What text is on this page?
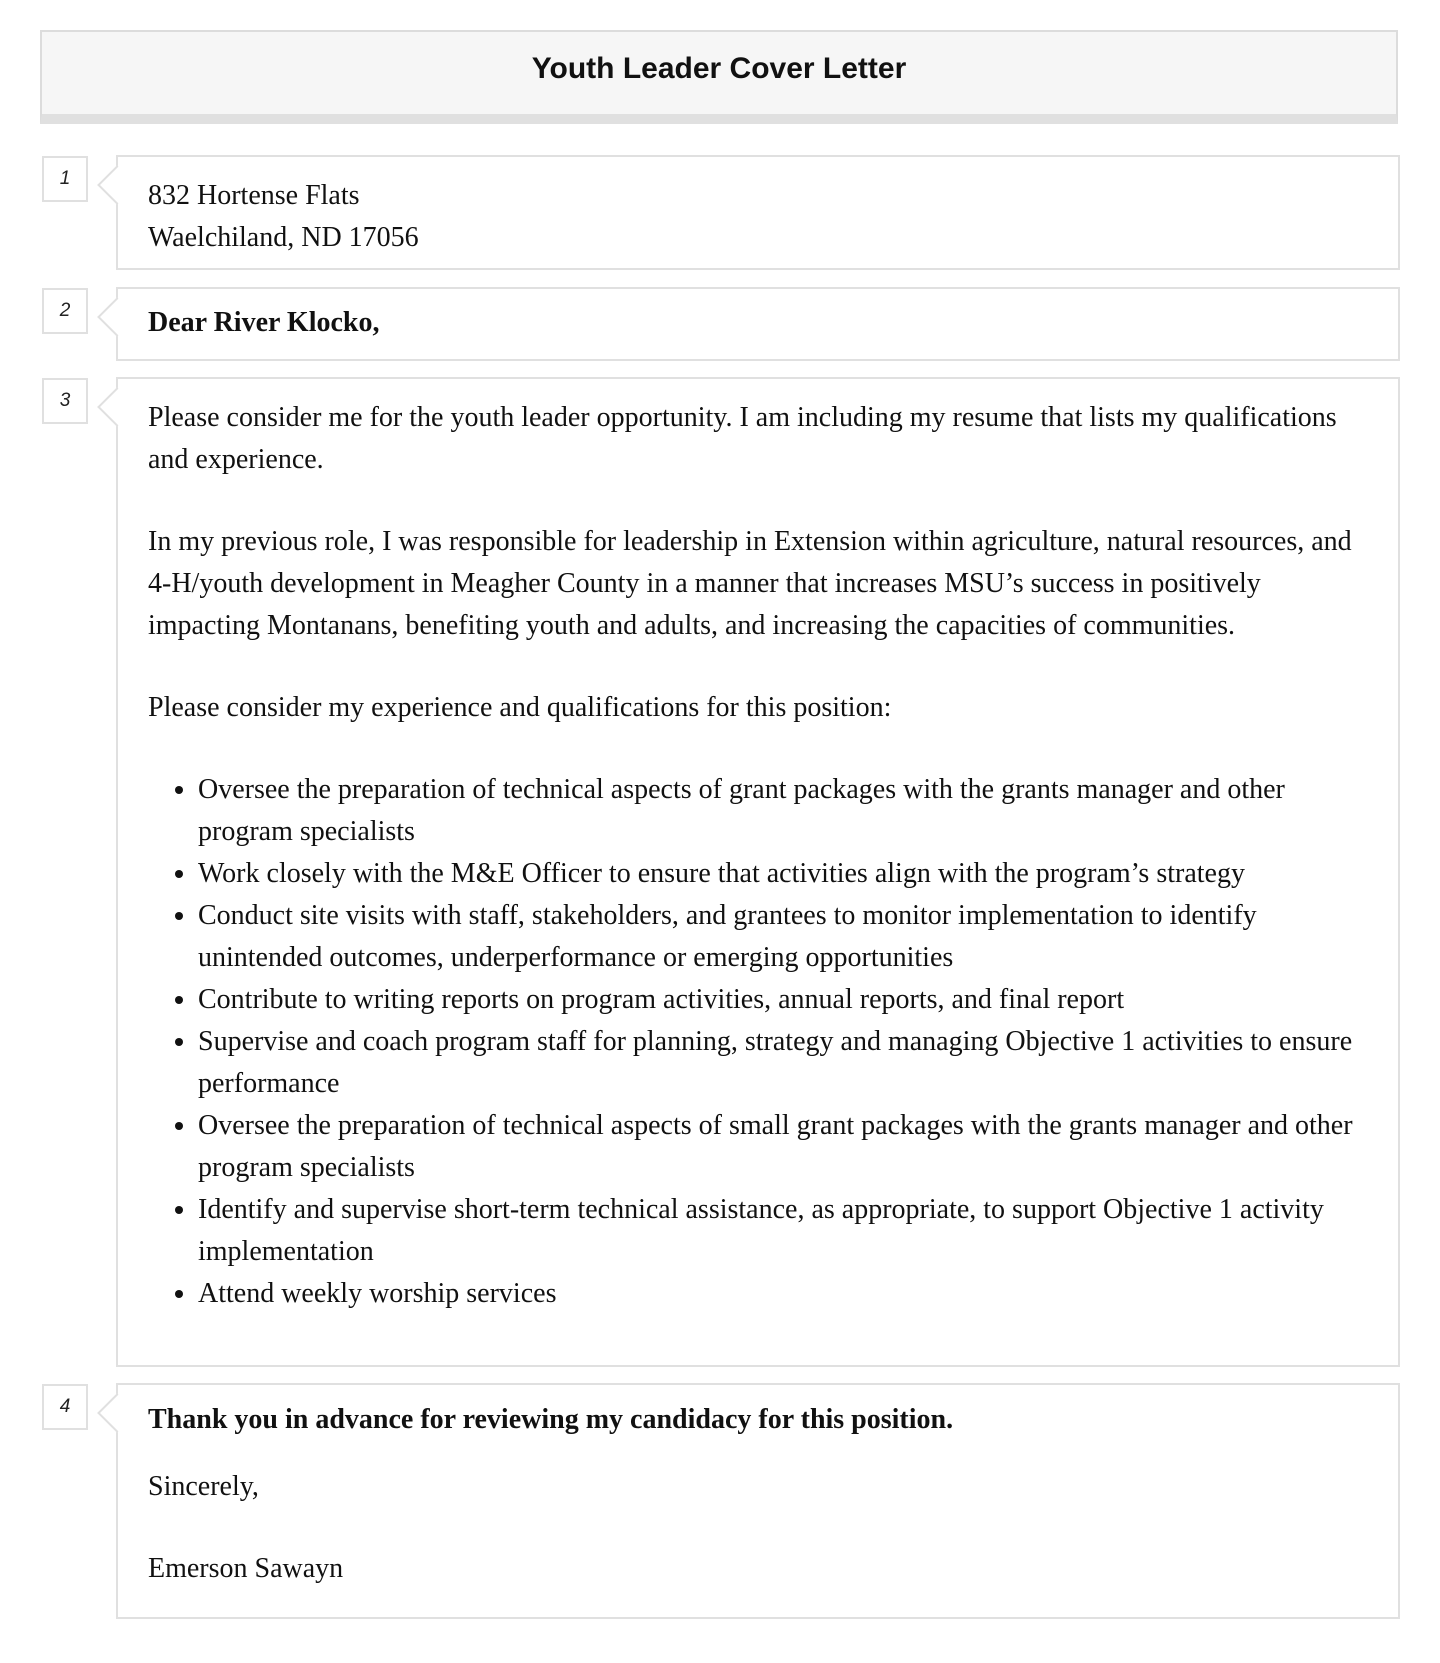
Youth Leader Cover Letter
1

832 Hortense Flats

Waelchiland, ND 17056

2	Dear River Klocko,

3

Please consider me for the youth leader opportunity. I am including my resume that lists my qualifications and experience.

In my previous role, I was responsible for leadership in Extension within agriculture, natural resources, and 4-H/youth development in Meagher County in a manner that increases MSU’s success in positively impacting Montanans, benefiting youth and adults, and increasing the capacities of communities.

Please consider my experience and qualifications for this position:

• Oversee the preparation of technical aspects of grant packages with the grants manager and other program specialists
• Work closely with the M&E Officer to ensure that activities align with the program’s strategy
• Conduct site visits with staff, stakeholders, and grantees to monitor implementation to identify unintended outcomes, underperformance or emerging opportunities
• Contribute to writing reports on program activities, annual reports, and final report
• Supervise and coach program staff for planning, strategy and managing Objective 1 activities to ensure performance
• Oversee the preparation of technical aspects of small grant packages with the grants manager and other program specialists
• Identify and supervise short-term technical assistance, as appropriate, to support Objective 1 activity implementation
• Attend weekly worship services
4	Thank you in advance for reviewing my candidacy for this position.

Sincerely,

Emerson Sawayn
